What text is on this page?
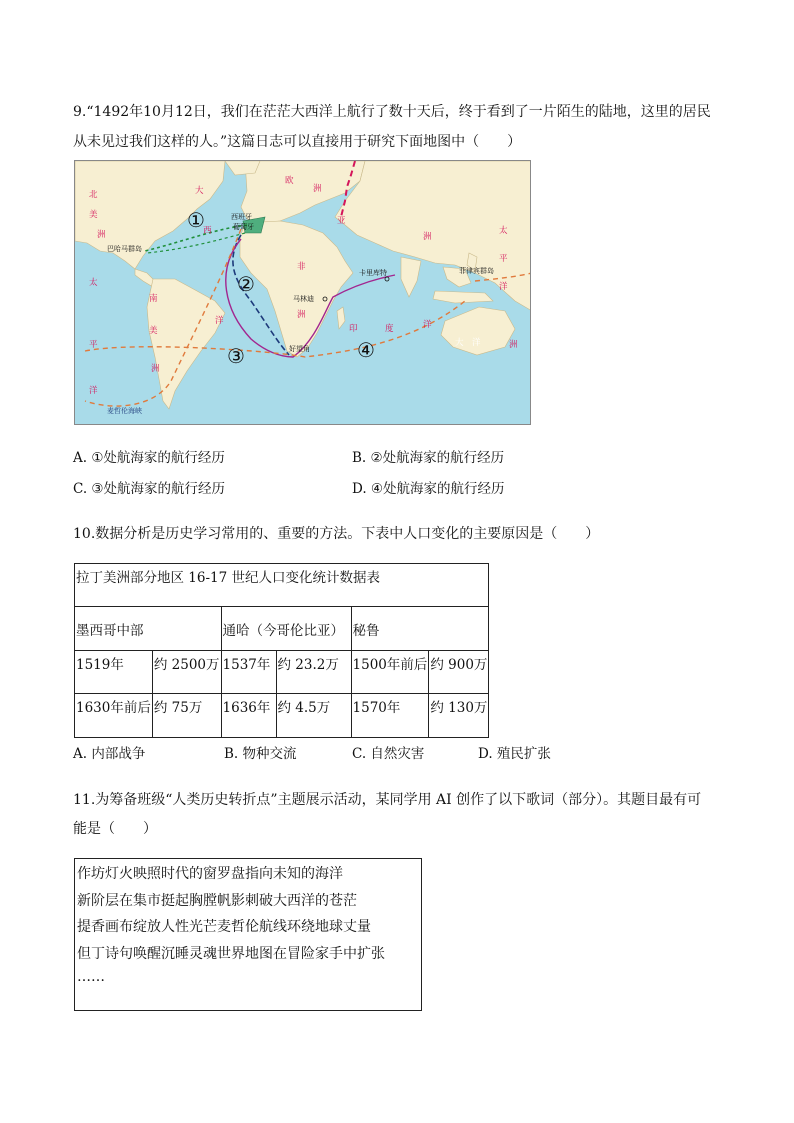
9.“1492年10月12日，我们在茫茫大西洋上航行了数十天后，终于看到了一片陌生的陆地，这里的居民
从未见过我们这样的人。”这篇日志可以直接用于研究下面地图中（　　）
①
②
③	④
北
美
洲
大
西
洋
欧
洲
亚
洲
非
洲
南
美
洲
太
平
洋
太
平
洋
印	度	洋
大　洋	洲
西班牙
葡萄牙
巴哈马群岛
卡里库特
马林迪
好望角
菲律宾群岛
麦哲伦海峡
A. ①处航海家的航行经历	B. ②处航海家的航行经历
C. ③处航海家的航行经历	D. ④处航海家的航行经历
10.数据分析是历史学习常用的、重要的方法。下表中人口变化的主要原因是（　　）
拉丁美洲部分地区 16-17 世纪人口变化统计数据表					
墨西哥中部		通哈（今哥伦比亚）		秘鲁	
1519年	约 2500万	1537年	约 23.2万	1500年前后	约 900万
1630年前后	约 75万	1636年	约 4.5万	1570年	约 130万
A. 内部战争	B. 物种交流	C. 自然灾害	D. 殖民扩张
11.为筹备班级“人类历史转折点”主题展示活动，某同学用 AI 创作了以下歌词（部分）。其题目最有可
能是（　　）
作坊灯火映照时代的窗罗盘指向未知的海洋
新阶层在集市挺起胸膛帆影刺破大西洋的苍茫
提香画布绽放人性光芒麦哲伦航线环绕地球丈量
但丁诗句唤醒沉睡灵魂世界地图在冒险家手中扩张
……
